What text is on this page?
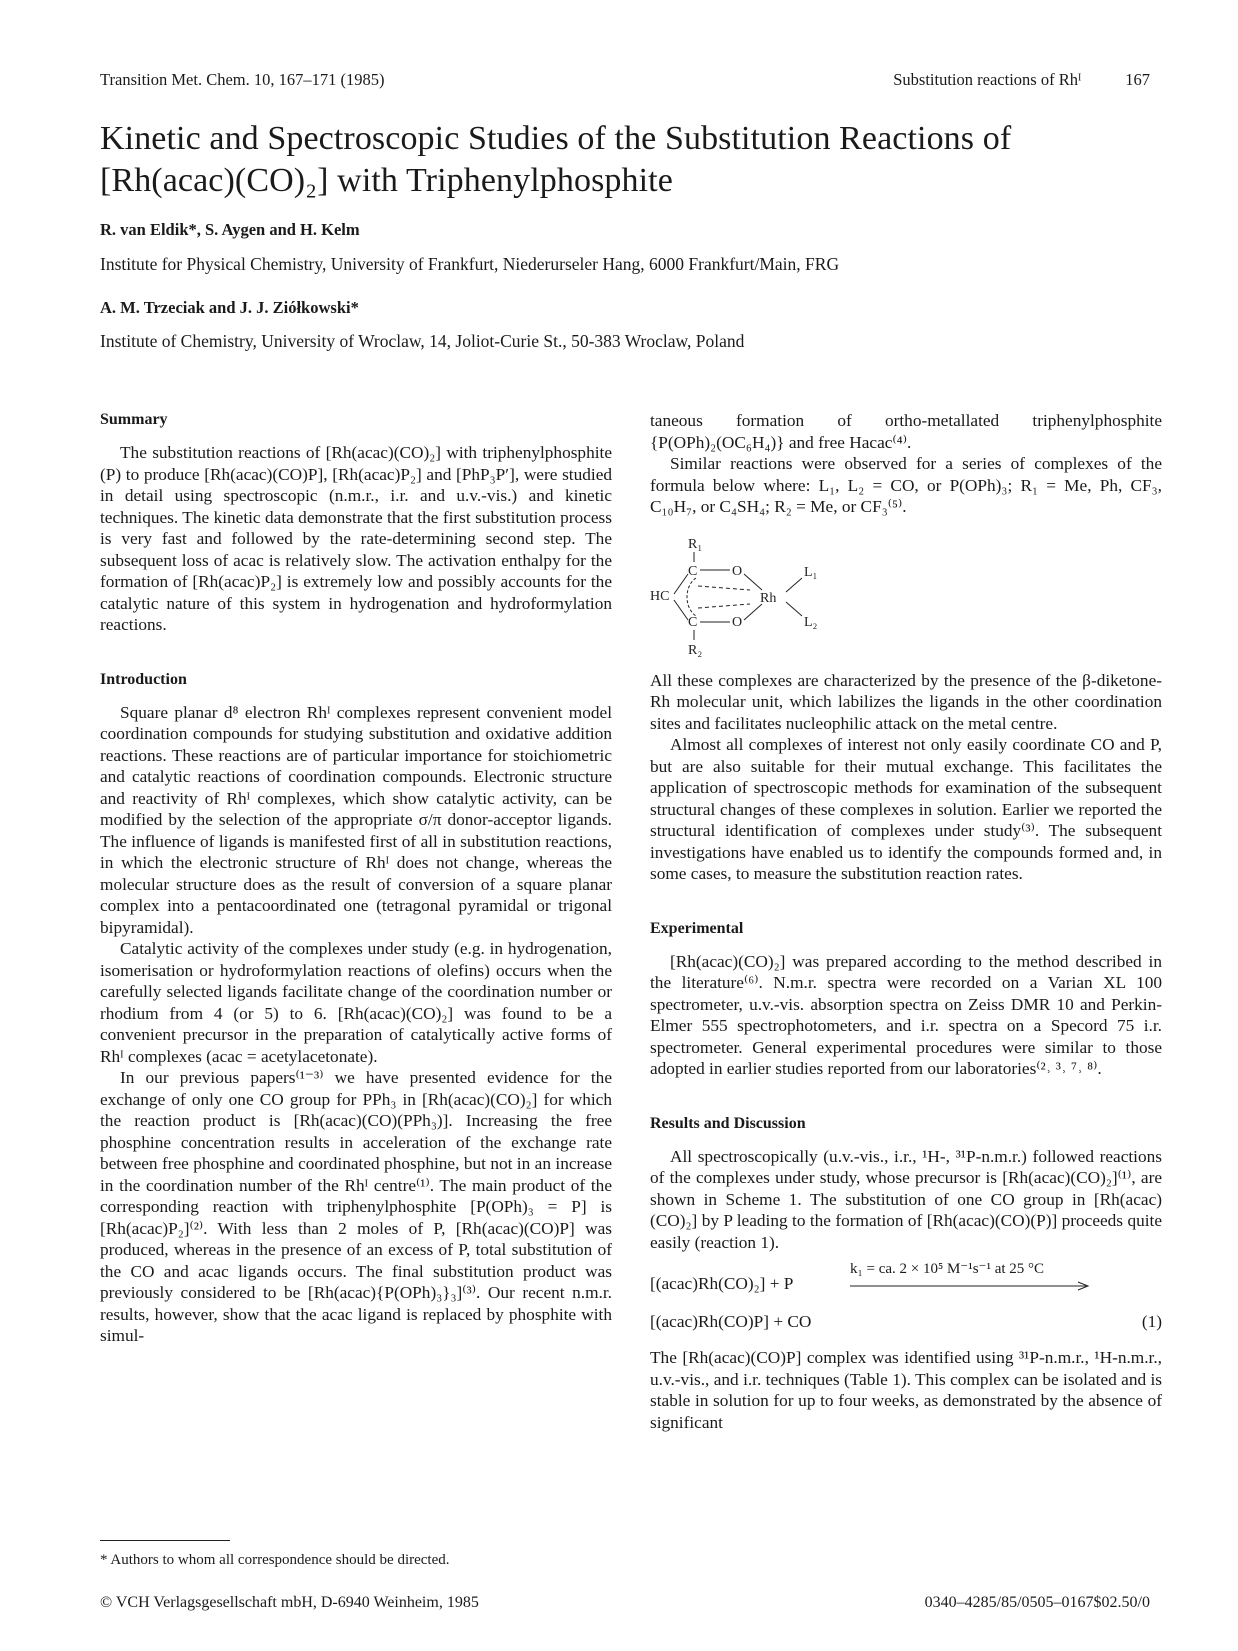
Transition Met. Chem. 10, 167–171 (1985)	Substitution reactions of Rhᴵ	167
Kinetic and Spectroscopic Studies of the Substitution Reactions of
[Rh(acac)(CO)₂] with Triphenylphosphite
R. van Eldik*, S. Aygen and H. Kelm
Institute for Physical Chemistry, University of Frankfurt, Niederurseler Hang, 6000 Frankfurt/Main, FRG
A. M. Trzeciak and J. J. Ziółkowski*
Institute of Chemistry, University of Wroclaw, 14, Joliot-Curie St., 50-383 Wroclaw, Poland
Summary

The substitution reactions of [Rh(acac)(CO)₂] with triphenylphosphite (P) to produce [Rh(acac)(CO)P], [Rh(acac)P₂] and [PhP₃P′], were studied in detail using spectroscopic (n.m.r., i.r. and u.v.-vis.) and kinetic techniques. The kinetic data demonstrate that the first substitution process is very fast and followed by the rate-determining second step. The subsequent loss of acac is relatively slow. The activation enthalpy for the formation of [Rh(acac)P₂] is extremely low and possibly accounts for the catalytic nature of this system in hydrogenation and hydroformylation reactions.

Introduction

Square planar d⁸ electron Rhᴵ complexes represent convenient model coordination compounds for studying substitution and oxidative addition reactions. These reactions are of particular importance for stoichiometric and catalytic reactions of coordination compounds. Electronic structure and reactivity of Rhᴵ complexes, which show catalytic activity, can be modified by the selection of the appropriate σ/π donor-acceptor ligands. The influence of ligands is manifested first of all in substitution reactions, in which the electronic structure of Rhᴵ does not change, whereas the molecular structure does as the result of conversion of a square planar complex into a pentacoordinated one (tetragonal pyramidal or trigonal bipyramidal).

Catalytic activity of the complexes under study (e.g. in hydrogenation, isomerisation or hydroformylation reactions of olefins) occurs when the carefully selected ligands facilitate change of the coordination number or rhodium from 4 (or 5) to 6. [Rh(acac)(CO)₂] was found to be a convenient precursor in the preparation of catalytically active forms of Rhᴵ complexes (acac = acetylacetonate).

In our previous papers⁽¹⁻³⁾ we have presented evidence for the exchange of only one CO group for PPh₃ in [Rh(acac)(CO)₂] for which the reaction product is [Rh(acac)(CO)(PPh₃)]. Increasing the free phosphine concentration results in acceleration of the exchange rate between free phosphine and coordinated phosphine, but not in an increase in the coordination number of the Rhᴵ centre⁽¹⁾. The main product of the corresponding reaction with triphenylphosphite [P(OPh)₃ = P] is [Rh(acac)P₂]⁽²⁾. With less than 2 moles of P, [Rh(acac)(CO)P] was produced, whereas in the presence of an excess of P, total substitution of the CO and acac ligands occurs. The final substitution product was previously considered to be [Rh(acac){P(OPh)₃}₃]⁽³⁾. Our recent n.m.r. results, however, show that the acac ligand is replaced by phosphite with simul-

taneous formation of ortho-metallated triphenylphosphite {P(OPh)₂(OC₆H₄)} and free Hacac⁽⁴⁾.

Similar reactions were observed for a series of complexes of the formula below where: L₁, L₂ = CO, or P(OPh)₃; R₁ = Me, Ph, CF₃, C₁₀H₇, or C₄SH₄; R₂ = Me, or CF₃⁽⁵⁾.

R₁
C O
HC	Rh
L₁
L₂
C O
R₂

All these complexes are characterized by the presence of the β-diketone-Rh molecular unit, which labilizes the ligands in the other coordination sites and facilitates nucleophilic attack on the metal centre.

Almost all complexes of interest not only easily coordinate CO and P, but are also suitable for their mutual exchange. This facilitates the application of spectroscopic methods for examination of the subsequent structural changes of these complexes in solution. Earlier we reported the structural identification of complexes under study⁽³⁾. The subsequent investigations have enabled us to identify the compounds formed and, in some cases, to measure the substitution reaction rates.

Experimental

[Rh(acac)(CO)₂] was prepared according to the method described in the literature⁽⁶⁾. N.m.r. spectra were recorded on a Varian XL 100 spectrometer, u.v.-vis. absorption spectra on Zeiss DMR 10 and Perkin-Elmer 555 spectrophotometers, and i.r. spectra on a Specord 75 i.r. spectrometer. General experimental procedures were similar to those adopted in earlier studies reported from our laboratories⁽²˒ ³˒ ⁷˒ ⁸⁾.

Results and Discussion

All spectroscopically (u.v.-vis., i.r., ¹H-, ³¹P-n.m.r.) followed reactions of the complexes under study, whose precursor is [Rh(acac)(CO)₂]⁽¹⁾, are shown in Scheme 1. The substitution of one CO group in [Rh(acac)(CO)₂] by P leading to the formation of [Rh(acac)(CO)(P)] proceeds quite easily (reaction 1).

[(acac)Rh(CO)₂] + P
k₁ = ca. 2 × 10⁵ M⁻¹s⁻¹ at 25 °C
[(acac)Rh(CO)P] + CO	(1)

The [Rh(acac)(CO)P] complex was identified using ³¹P-n.m.r., ¹H-n.m.r., u.v.-vis., and i.r. techniques (Table 1). This complex can be isolated and is stable in solution for up to four weeks, as demonstrated by the absence of significant

* Authors to whom all correspondence should be directed.
© VCH Verlagsgesellschaft mbH, D-6940 Weinheim, 1985	0340–4285/85/0505–0167$02.50/0
